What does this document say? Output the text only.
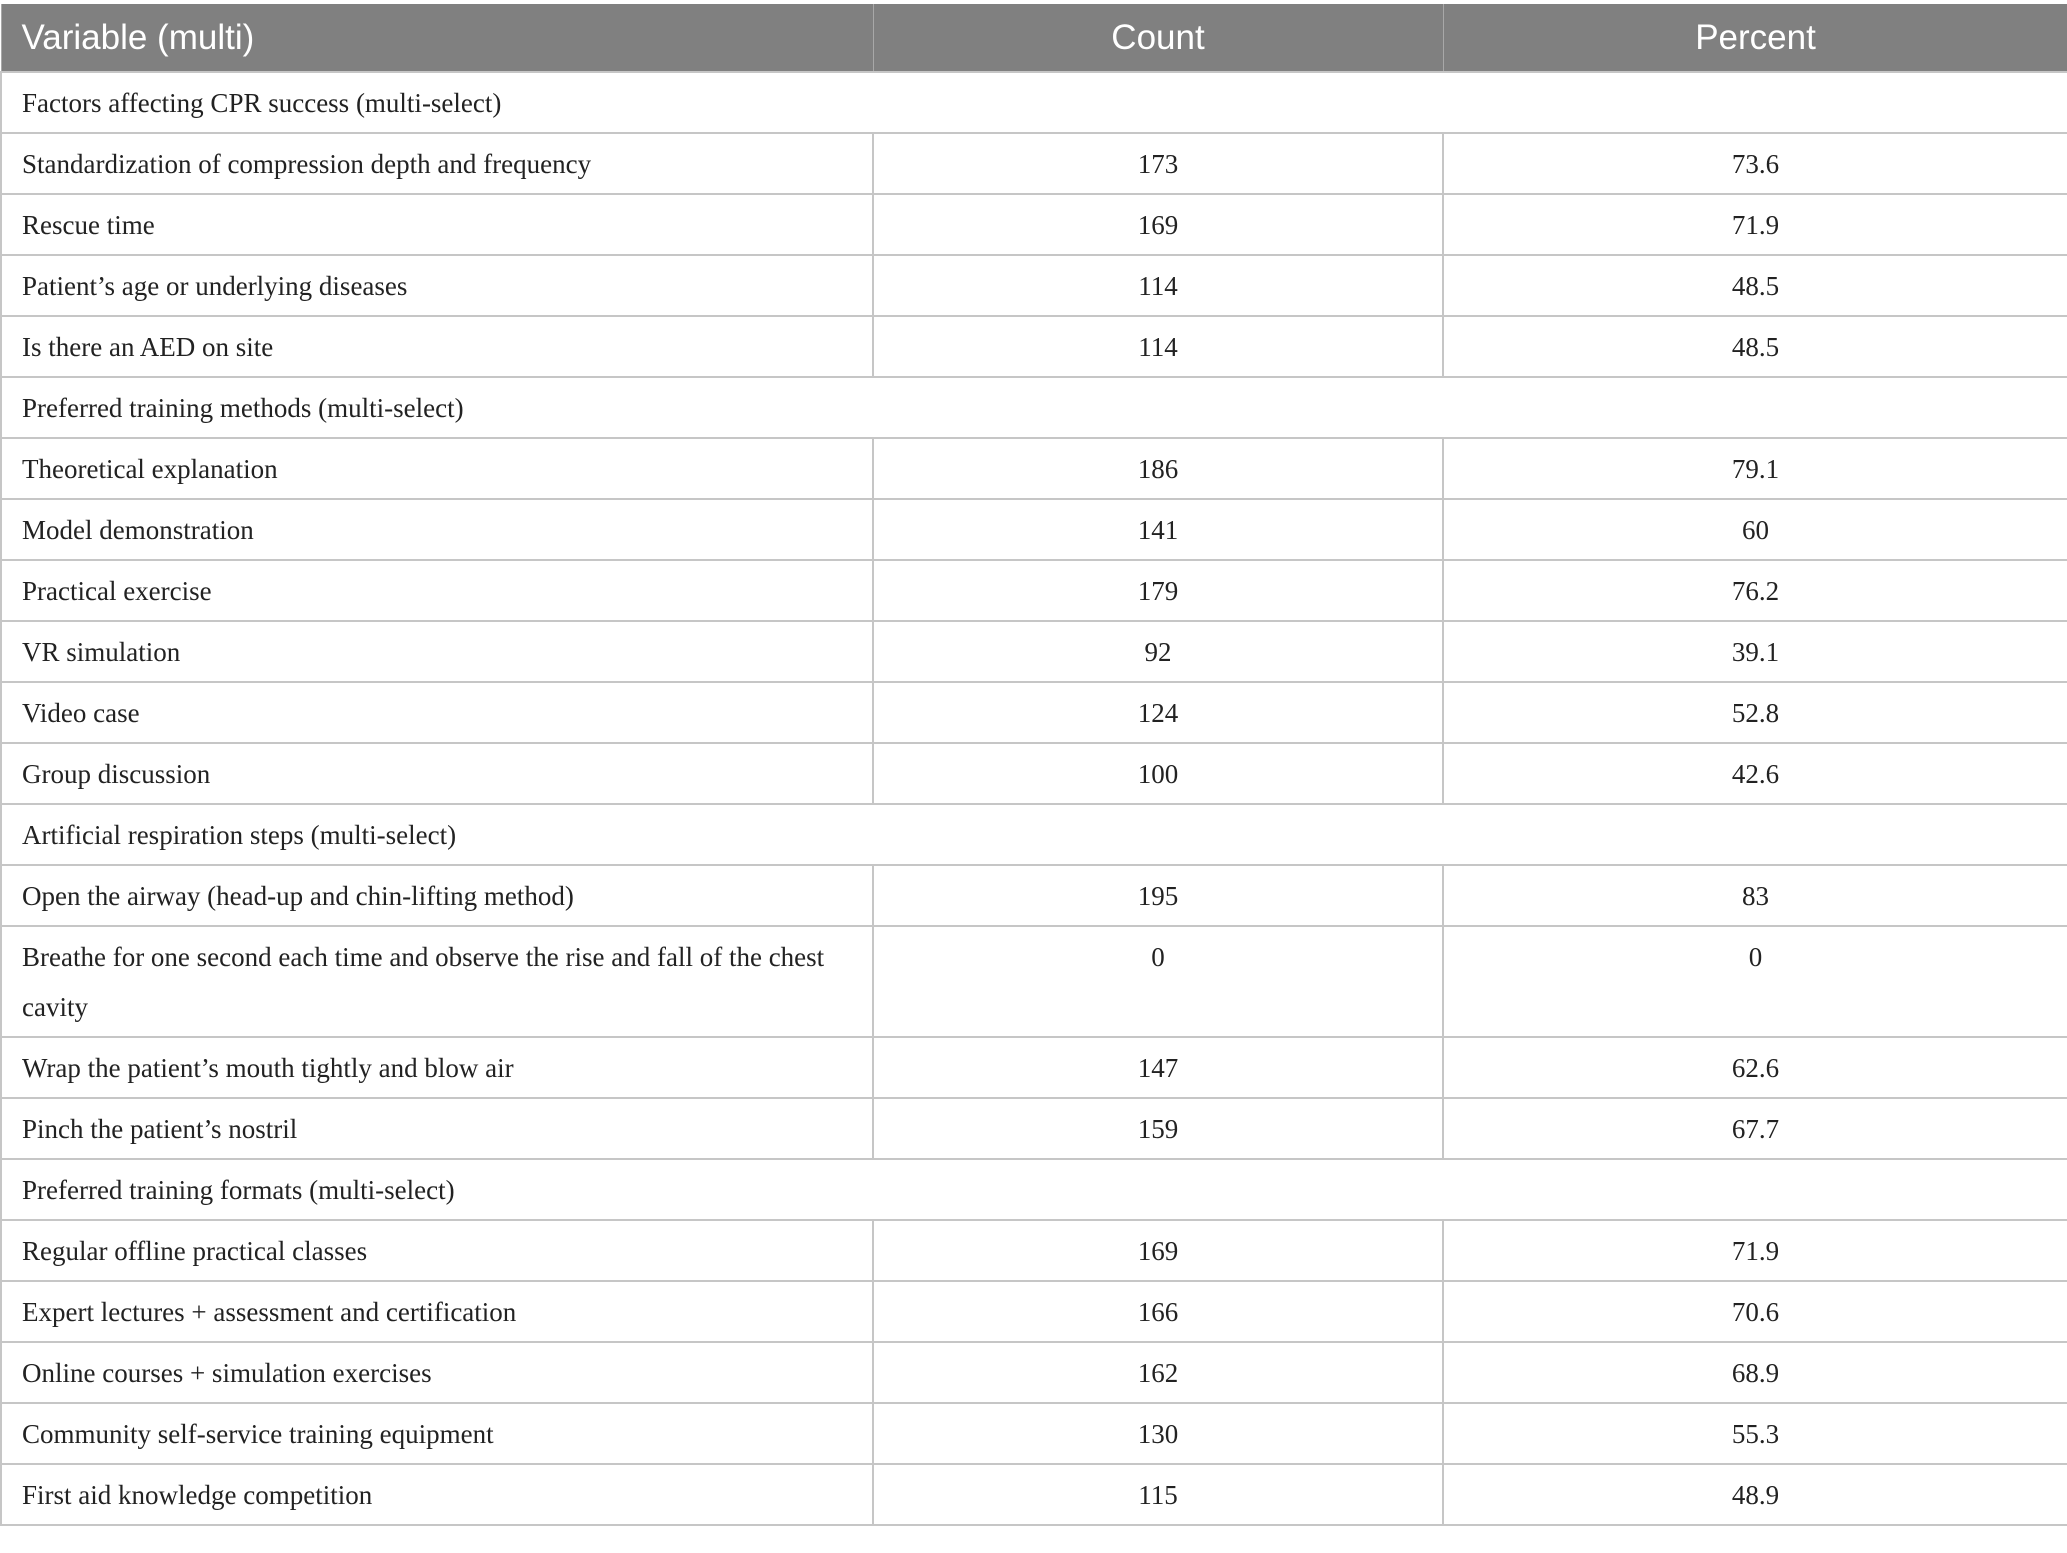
Variable (multi)	Count	Percent
Factors affecting CPR success (multi-select)		
Standardization of compression depth and frequency	173	73.6
Rescue time	169	71.9
Patient’s age or underlying diseases	114	48.5
Is there an AED on site	114	48.5
Preferred training methods (multi-select)		
Theoretical explanation	186	79.1
Model demonstration	141	60
Practical exercise	179	76.2
VR simulation	92	39.1
Video case	124	52.8
Group discussion	100	42.6
Artificial respiration steps (multi-select)		
Open the airway (head-up and chin-lifting method)	195	83
Breathe for one second each time and observe the rise and fall of the chest cavity	0	0
Wrap the patient’s mouth tightly and blow air	147	62.6
Pinch the patient’s nostril	159	67.7
Preferred training formats (multi-select)		
Regular offline practical classes	169	71.9
Expert lectures + assessment and certification	166	70.6
Online courses + simulation exercises	162	68.9
Community self-service training equipment	130	55.3
First aid knowledge competition	115	48.9
